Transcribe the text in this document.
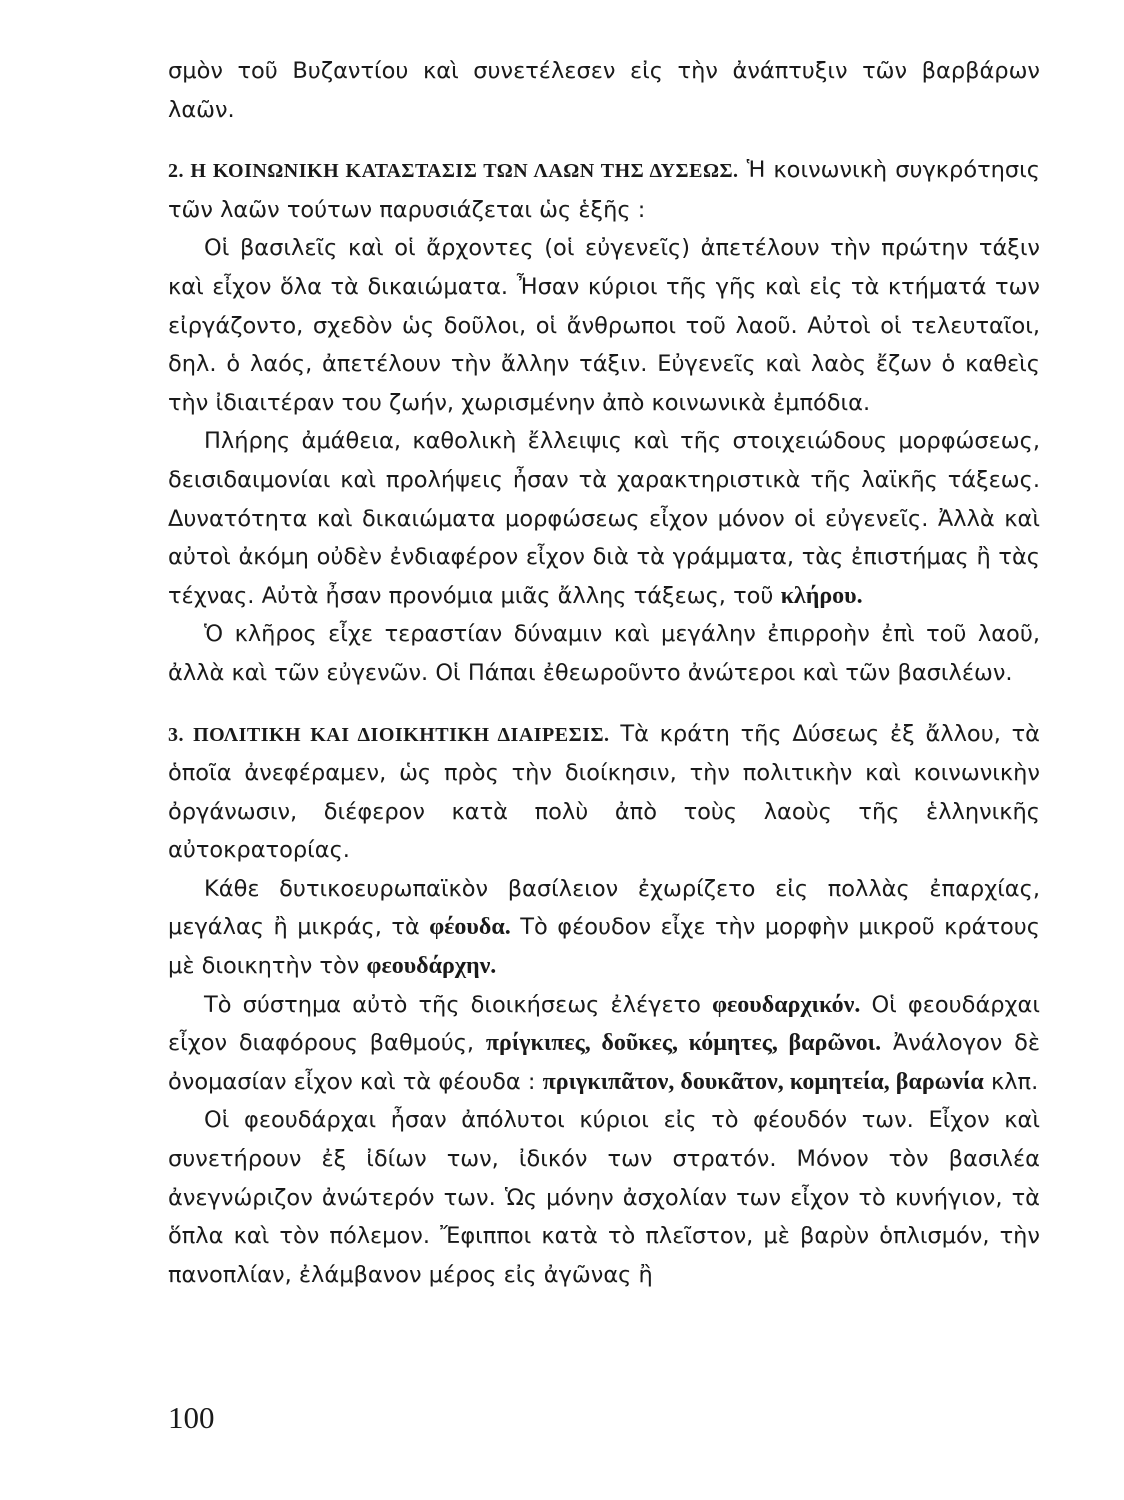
σμὸν τοῦ Βυζαντίου καὶ συνετέλεσεν εἰς τὴν ἀνάπτυξιν τῶν βαρβάρων λαῶν.

2. Η ΚΟΙΝΩΝΙΚΗ ΚΑΤΑΣΤΑΣΙΣ ΤΩΝ ΛΑΩΝ ΤΗΣ ΔΥΣΕΩΣ. Ἡ κοινωνικὴ συγκρότησις τῶν λαῶν τούτων παρυσιάζεται ὡς ἑξῆς :

Οἱ βασιλεῖς καὶ οἱ ἄρχοντες (οἱ εὐγενεῖς) ἀπετέλουν τὴν πρώτην τάξιν καὶ εἶχον ὅλα τὰ δικαιώματα. Ἦσαν κύριοι τῆς γῆς καὶ εἰς τὰ κτήματά των εἰργάζοντο, σχεδὸν ὡς δοῦλοι, οἱ ἄνθρωποι τοῦ λαοῦ. Αὐτοὶ οἱ τελευταῖοι, δηλ. ὁ λαός, ἀπετέλουν τὴν ἄλλην τάξιν. Εὐγενεῖς καὶ λαὸς ἔζων ὁ καθεὶς τὴν ἰδιαιτέραν του ζωήν, χωρισμένην ἀπὸ κοινωνικὰ ἐμπόδια.

Πλήρης ἀμάθεια, καθολικὴ ἔλλειψις καὶ τῆς στοιχειώδους μορφώσεως, δεισιδαιμονίαι καὶ προλήψεις ἦσαν τὰ χαρακτηριστικὰ τῆς λαϊκῆς τάξεως. Δυνατότητα καὶ δικαιώματα μορφώσεως εἶχον μόνον οἱ εὐγενεῖς. Ἀλλὰ καὶ αὐτοὶ ἀκόμη οὐδὲν ἐνδιαφέρον εἶχον διὰ τὰ γράμματα, τὰς ἐπιστήμας ἢ τὰς τέχνας. Αὐτὰ ἦσαν προνόμια μιᾶς ἄλλης τάξεως, τοῦ κλήρου.

Ὁ κλῆρος εἶχε τεραστίαν δύναμιν καὶ μεγάλην ἐπιρροὴν ἐπὶ τοῦ λαοῦ, ἀλλὰ καὶ τῶν εὐγενῶν. Οἱ Πάπαι ἐθεωροῦντο ἀνώτεροι καὶ τῶν βασιλέων.

3. ΠΟΛΙΤΙΚΗ ΚΑΙ ΔΙΟΙΚΗΤΙΚΗ ΔΙΑΙΡΕΣΙΣ. Τὰ κράτη τῆς Δύσεως ἐξ ἄλλου, τὰ ὁποῖα ἀνεφέραμεν, ὡς πρὸς τὴν διοίκησιν, τὴν πολιτικὴν καὶ κοινωνικὴν ὀργάνωσιν, διέφερον κατὰ πολὺ ἀπὸ τοὺς λαοὺς τῆς ἑλληνικῆς αὐτοκρατορίας.

Κάθε δυτικοευρωπαϊκὸν βασίλειον ἐχωρίζετο εἰς πολλὰς ἐπαρχίας, μεγάλας ἢ μικράς, τὰ φέουδα. Τὸ φέουδον εἶχε τὴν μορφὴν μικροῦ κράτους μὲ διοικητὴν τὸν φεουδάρχην.

Τὸ σύστημα αὐτὸ τῆς διοικήσεως ἐλέγετο φεουδαρχικόν. Οἱ φεουδάρχαι εἶχον διαφόρους βαθμούς, πρίγκιπες, δοῦκες, κόμητες, βαρῶνοι. Ἀνάλογον δὲ ὀνομασίαν εἶχον καὶ τὰ φέουδα : πριγκιπᾶτον, δουκᾶτον, κομητεία, βαρωνία κλπ.

Οἱ φεουδάρχαι ἦσαν ἀπόλυτοι κύριοι εἰς τὸ φέουδόν των. Εἶχον καὶ συνετήρουν ἐξ ἰδίων των, ἰδικόν των στρατόν. Μόνον τὸν βασιλέα ἀνεγνώριζον ἀνώτερόν των. Ὡς μόνην ἀσχολίαν των εἶχον τὸ κυνήγιον, τὰ ὅπλα καὶ τὸν πόλεμον. Ἔφιπποι κατὰ τὸ πλεῖστον, μὲ βαρὺν ὁπλισμόν, τὴν πανοπλίαν, ἐλάμβανον μέρος εἰς ἀγῶνας ἢ

100
